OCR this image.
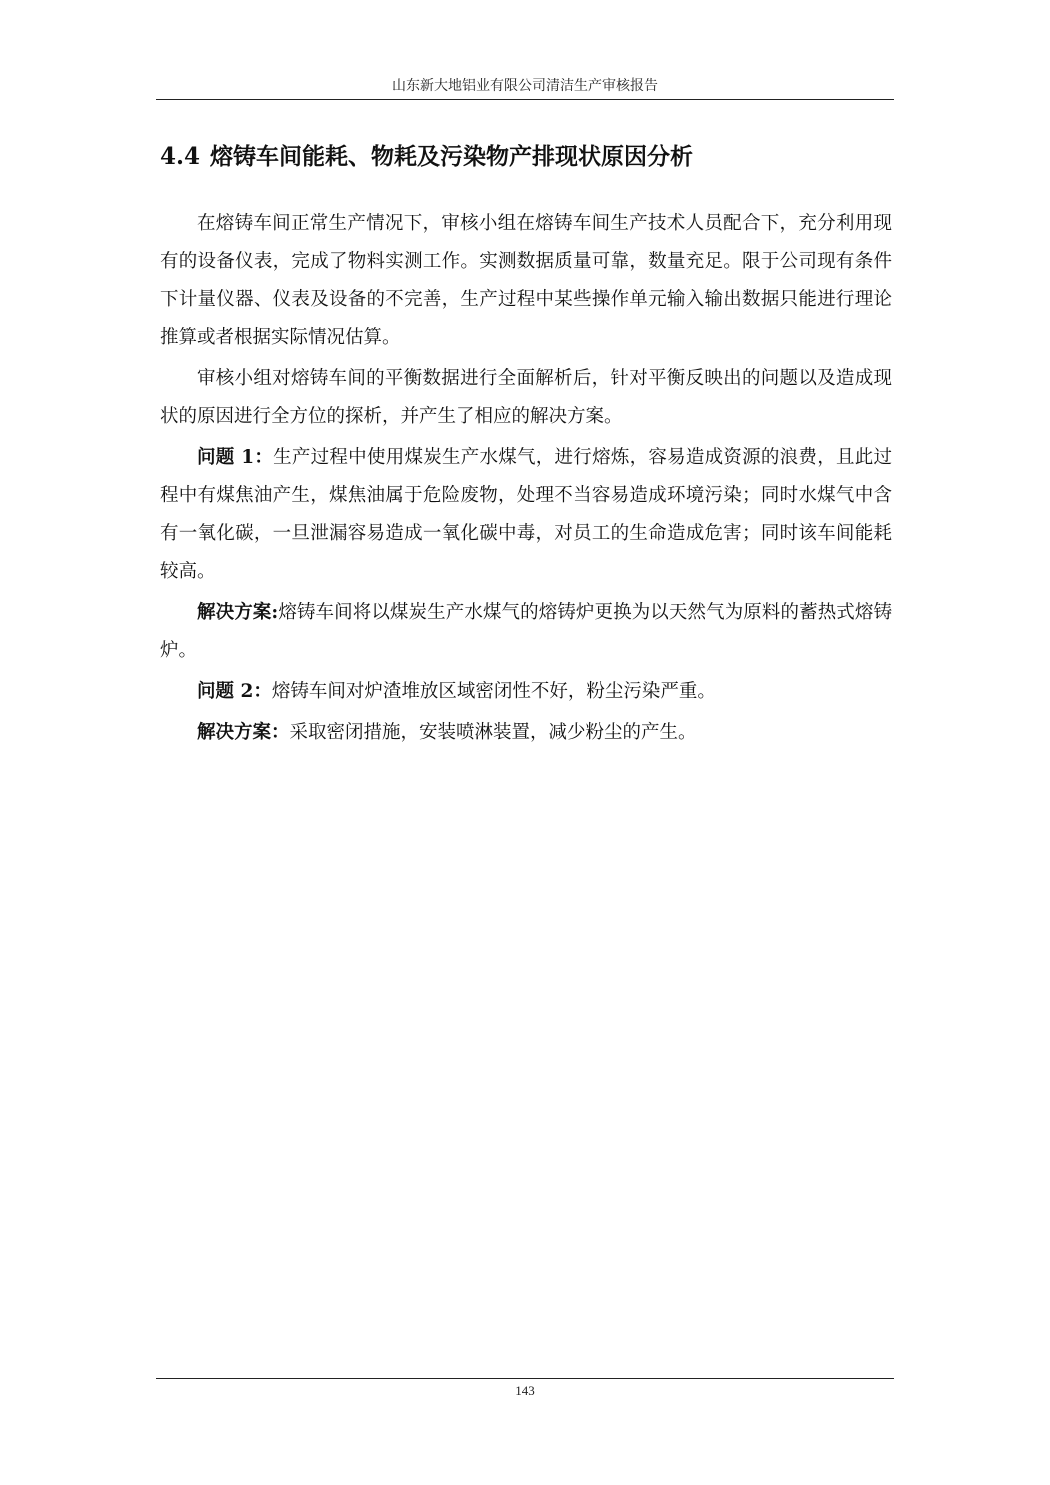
山东新大地铝业有限公司清洁生产审核报告
4.4 熔铸车间能耗、物耗及污染物产排现状原因分析

在熔铸车间正常生产情况下，审核小组在熔铸车间生产技术人员配合下，充分利用现有的设备仪表，完成了物料实测工作。实测数据质量可靠，数量充足。限于公司现有条件下计量仪器、仪表及设备的不完善，生产过程中某些操作单元输入输出数据只能进行理论推算或者根据实际情况估算。

审核小组对熔铸车间的平衡数据进行全面解析后，针对平衡反映出的问题以及造成现状的原因进行全方位的探析，并产生了相应的解决方案。

问题 1：生产过程中使用煤炭生产水煤气，进行熔炼，容易造成资源的浪费，且此过程中有煤焦油产生，煤焦油属于危险废物，处理不当容易造成环境污染；同时水煤气中含有一氧化碳，一旦泄漏容易造成一氧化碳中毒，对员工的生命造成危害；同时该车间能耗较高。

解决方案:熔铸车间将以煤炭生产水煤气的熔铸炉更换为以天然气为原料的蓄热式熔铸炉。

问题 2：熔铸车间对炉渣堆放区域密闭性不好，粉尘污染严重。

解决方案：采取密闭措施，安装喷淋装置，减少粉尘的产生。

143
